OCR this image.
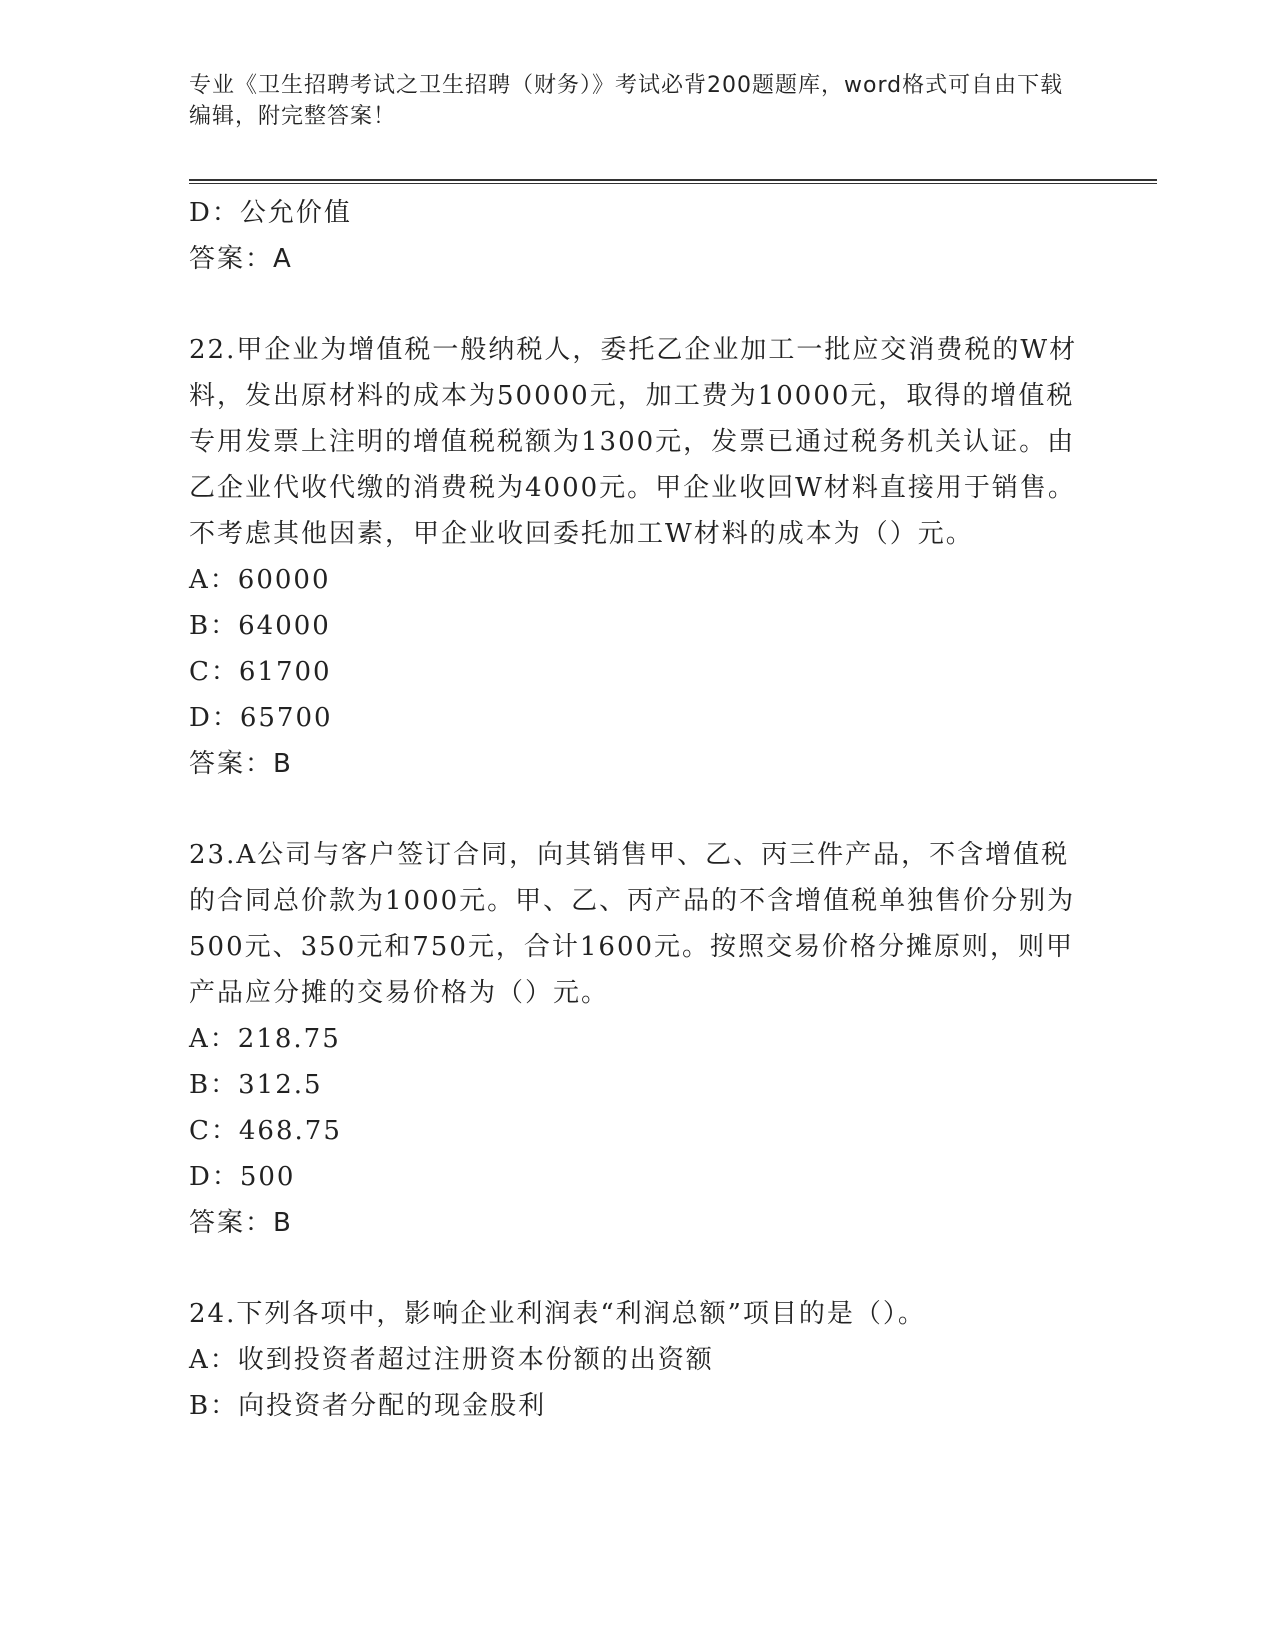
专业《卫生招聘考试之卫生招聘（财务）》考试必背200题题库，word格式可自由下载编辑，附完整答案！
D：公允价值
答案：A
22.甲企业为增值税一般纳税人，委托乙企业加工一批应交消费税的W材料，发出原材料的成本为50000元，加工费为10000元，取得的增值税专用发票上注明的增值税税额为1300元，发票已通过税务机关认证。由乙企业代收代缴的消费税为4000元。甲企业收回W材料直接用于销售。不考虑其他因素，甲企业收回委托加工W材料的成本为（）元。
A：60000
B：64000
C：61700
D：65700
答案：B
23.A公司与客户签订合同，向其销售甲、乙、丙三件产品，不含增值税的合同总价款为1000元。甲、乙、丙产品的不含增值税单独售价分别为500元、350元和750元，合计1600元。按照交易价格分摊原则，则甲产品应分摊的交易价格为（）元。
A：218.75
B：312.5
C：468.75
D：500
答案：B
24.下列各项中，影响企业利润表“利润总额”项目的是（）。
A：收到投资者超过注册资本份额的出资额
B：向投资者分配的现金股利
